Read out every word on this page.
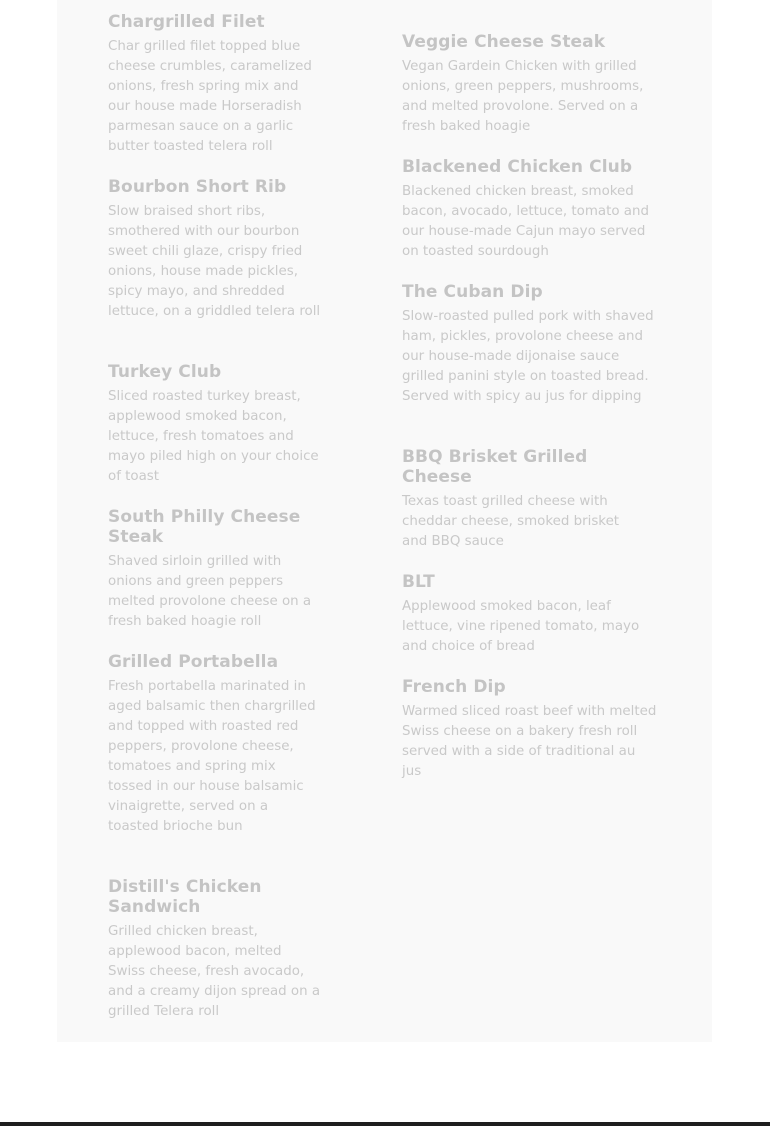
Chargrilled Filet

Char grilled filet topped blue cheese crumbles, caramelized onions, fresh spring mix and our house made Horseradish parmesan sauce on a garlic butter toasted telera roll

Bourbon Short Rib

Slow braised short ribs, smothered with our bourbon sweet chili glaze, crispy fried onions, house made pickles, spicy mayo, and shredded lettuce, on a griddled telera roll

Turkey Club

Sliced roasted turkey breast, applewood smoked bacon, lettuce, fresh tomatoes and mayo piled high on your choice of toast

South Philly Cheese Steak

Shaved sirloin grilled with onions and green peppers melted provolone cheese on a fresh baked hoagie roll

Grilled Portabella

Fresh portabella marinated in aged balsamic then chargrilled and topped with roasted red peppers, provolone cheese, tomatoes and spring mix tossed in our house balsamic vinaigrette, served on a toasted brioche bun

Distill's Chicken Sandwich

Grilled chicken breast, applewood bacon, melted Swiss cheese, fresh avocado, and a creamy dijon spread on a grilled Telera roll

Veggie Cheese Steak

Vegan Gardein Chicken with grilled onions, green peppers, mushrooms, and melted provolone. Served on a fresh baked hoagie

Blackened Chicken Club

Blackened chicken breast, smoked bacon, avocado, lettuce, tomato and our house-made Cajun mayo served on toasted sourdough

The Cuban Dip

Slow-roasted pulled pork with shaved ham, pickles, provolone cheese and our house-made dijonaise sauce grilled panini style on toasted bread. Served with spicy au jus for dipping

BBQ Brisket Grilled Cheese

Texas toast grilled cheese with cheddar cheese, smoked brisket and BBQ sauce

BLT

Applewood smoked bacon, leaf lettuce, vine ripened tomato, mayo and choice of bread

French Dip

Warmed sliced roast beef with melted Swiss cheese on a bakery fresh roll served with a side of traditional au jus
